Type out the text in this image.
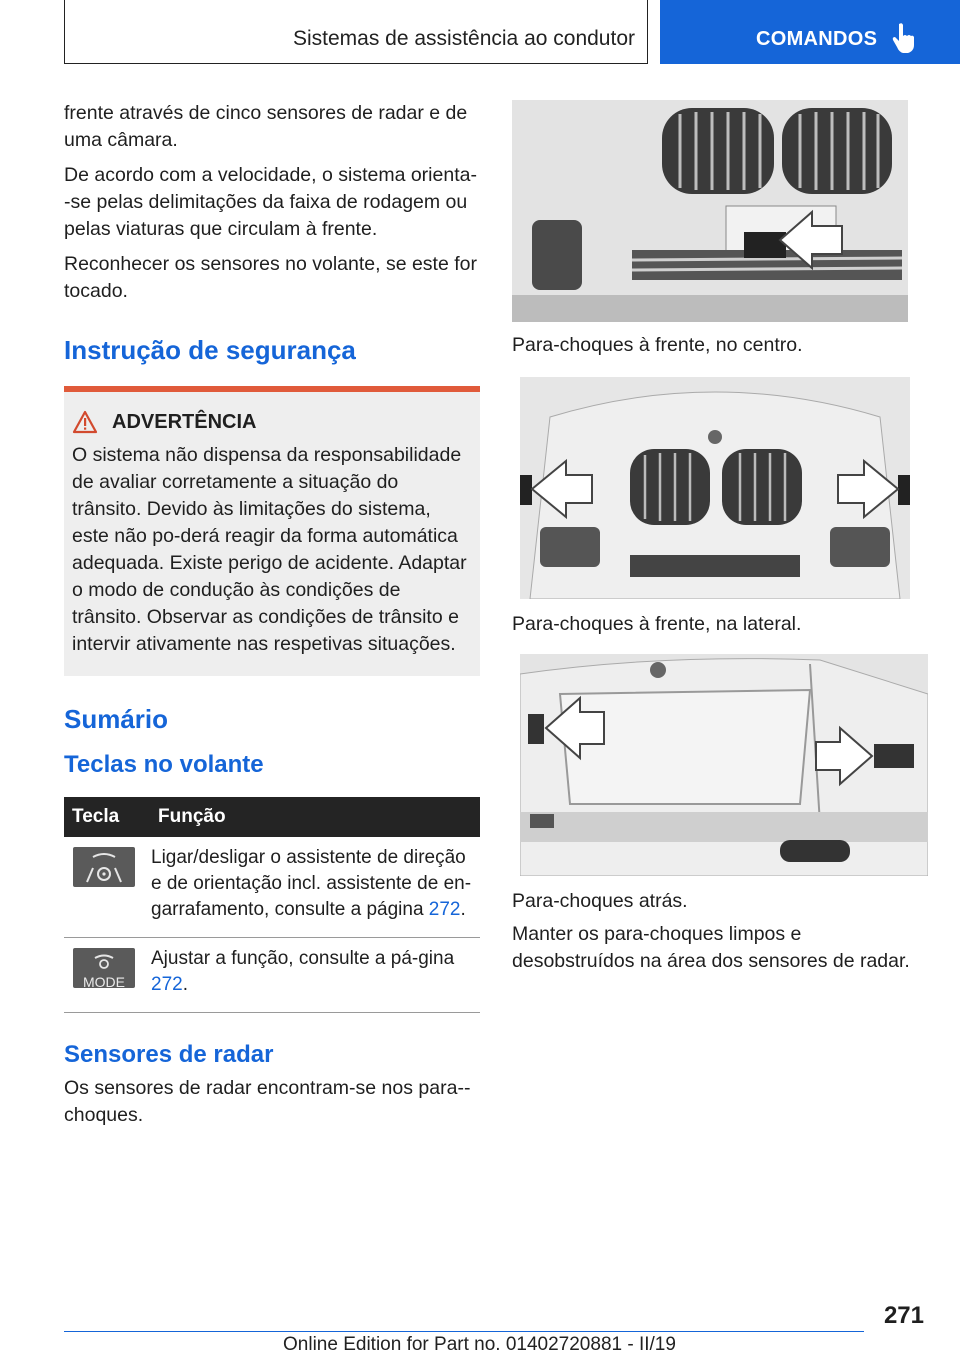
Sistemas de assistência ao condutor	COMANDOS

frente através de cinco sensores de radar e de uma câmara.

De acordo com a velocidade, o sistema orienta--se pelas delimitações da faixa de rodagem ou pelas viaturas que circulam à frente.

Reconhecer os sensores no volante, se este for tocado.

Instrução de segurança
ADVERTÊNCIA

O sistema não dispensa da responsabilidade de avaliar corretamente a situação do trânsito. Devido às limitações do sistema, este não po-derá reagir da forma automática adequada. Existe perigo de acidente. Adaptar o modo de condução às condições de trânsito. Observar as condições de trânsito e intervir ativamente nas respetivas situações.

Sumário
Teclas no volante
Tecla	Função

	Ligar/desligar o assistente de direção e de orientação incl. assistente de en-garrafamento, consulte a página 272.

MODE	Ajustar a função, consulte a pá-gina 272.
Sensores de radar

Os sensores de radar encontram-se nos para--choques.

Para-choques à frente, no centro.

Para-choques à frente, na lateral.

Para-choques atrás.

Manter os para-choques limpos e desobstruídos na área dos sensores de radar.

271
Online Edition for Part no. 01402720881 - II/19
